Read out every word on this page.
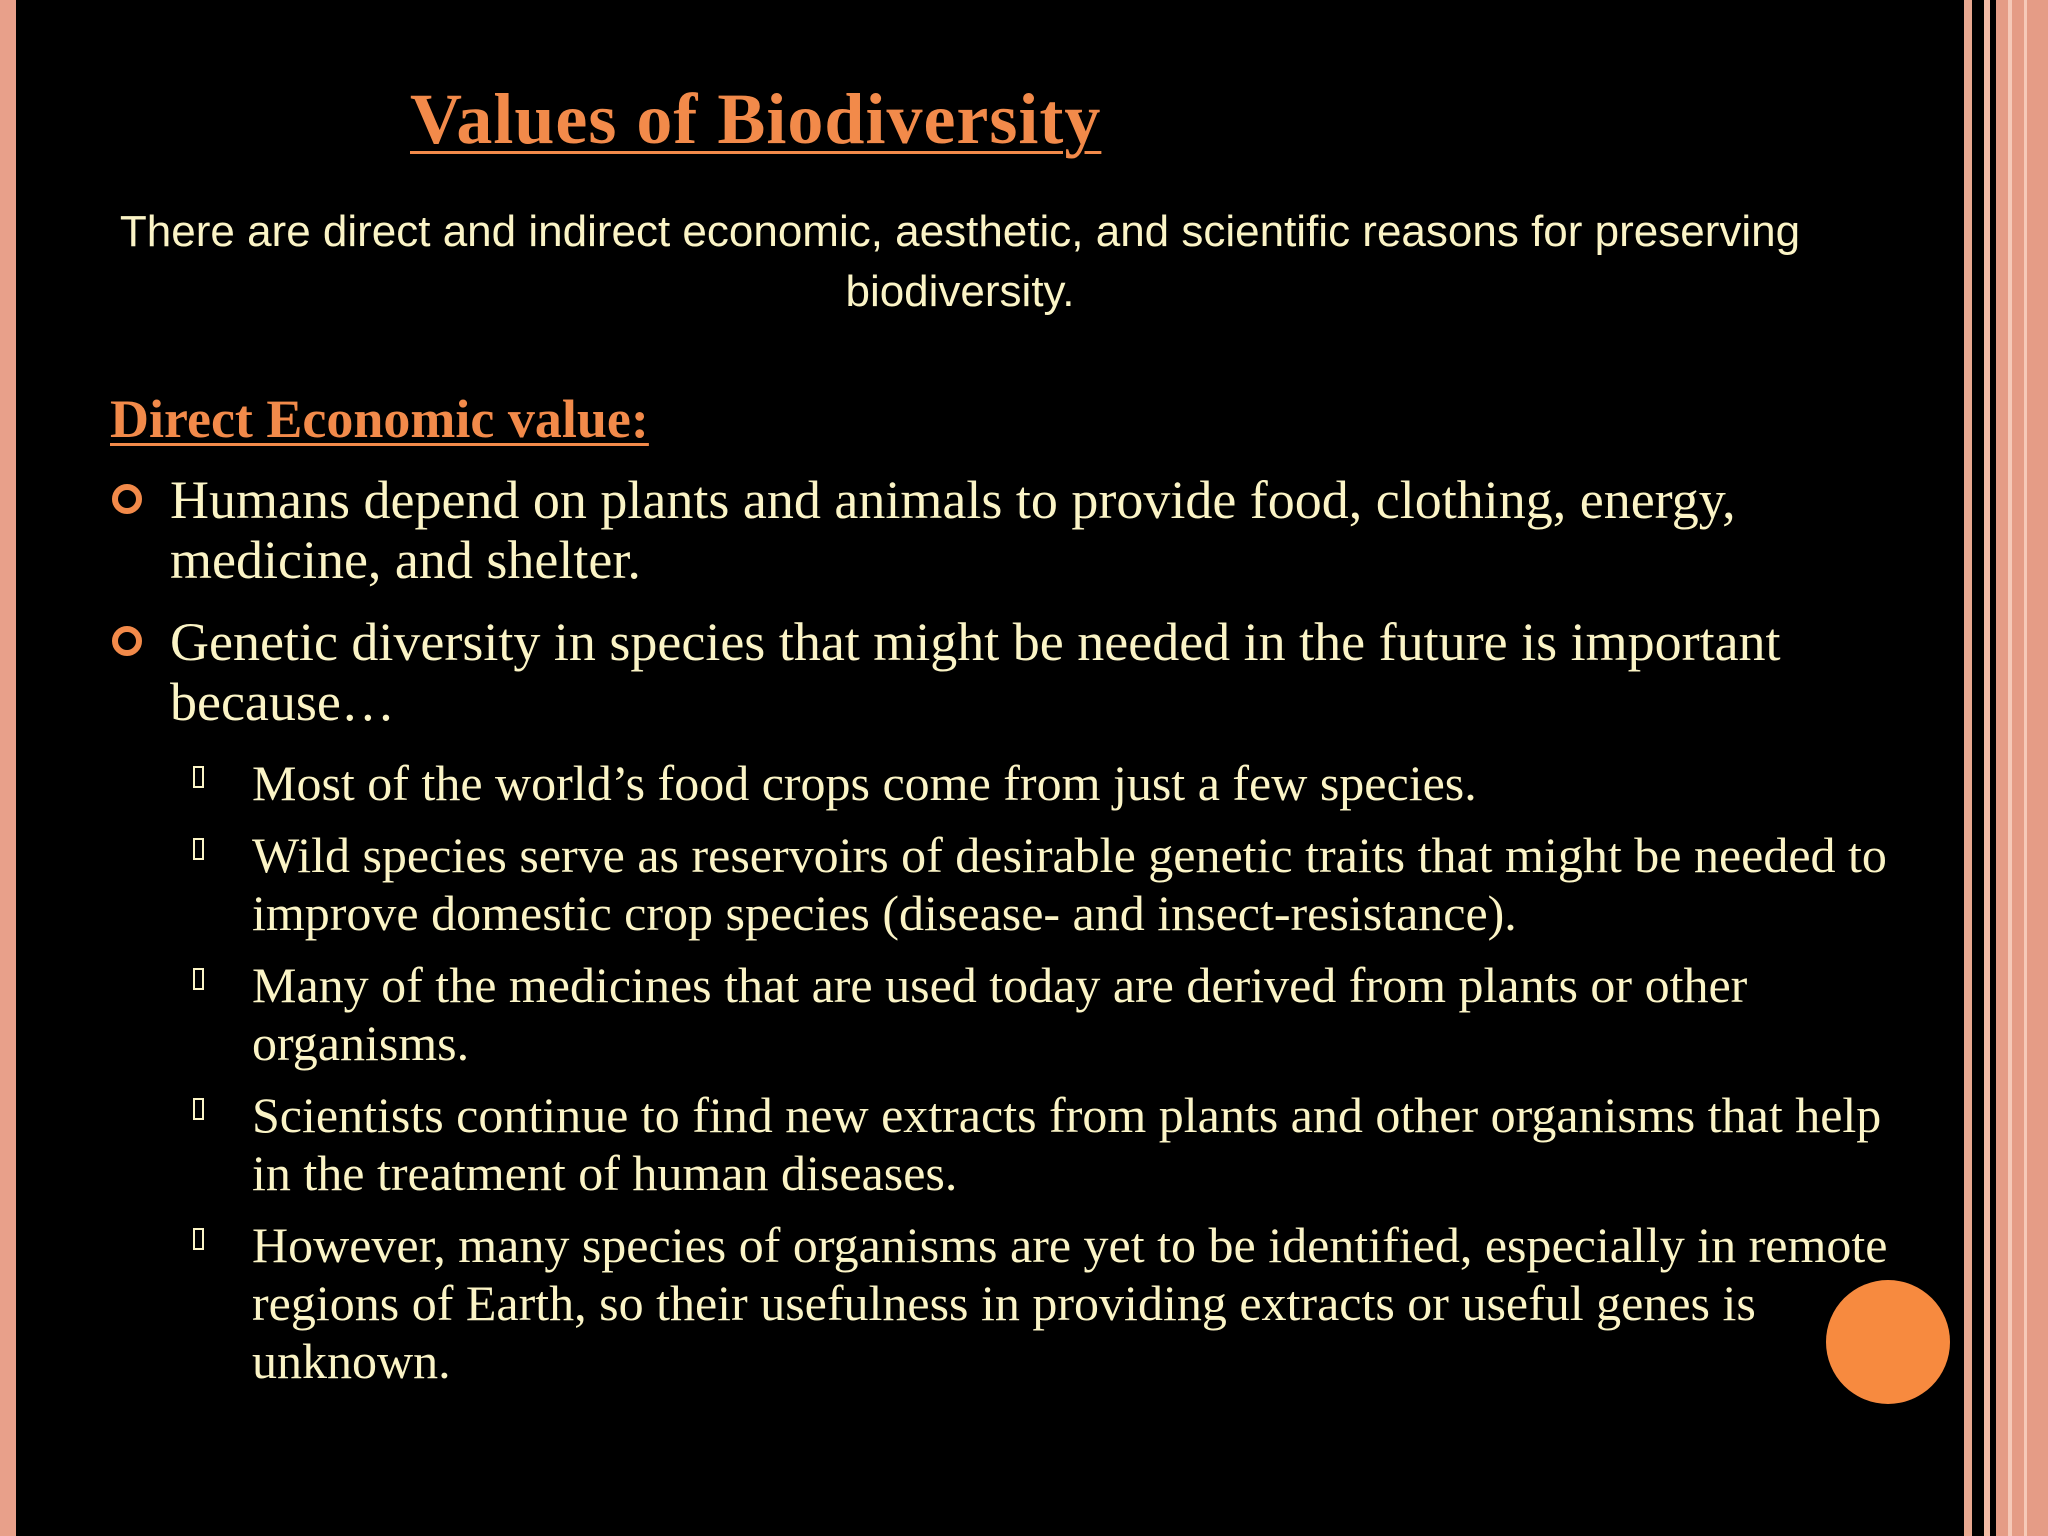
Values of Biodiversity

There are direct and indirect economic, aesthetic, and scientific reasons for preserving biodiversity.

Direct Economic value:
Humans depend on plants and animals to provide food, clothing, energy, medicine, and shelter.
Genetic diversity in species that might be needed in the future is important because…
Most of the world’s food crops come from just a few species.
Wild species serve as reservoirs of desirable genetic traits that might be needed to improve domestic crop species (disease- and insect-resistance).
Many of the medicines that are used today are derived from plants or other organisms.
Scientists continue to find new extracts from plants and other organisms that help in the treatment of human diseases.
However, many species of organisms are yet to be identified, especially in remote regions of Earth, so their usefulness in providing extracts or useful genes is unknown.
